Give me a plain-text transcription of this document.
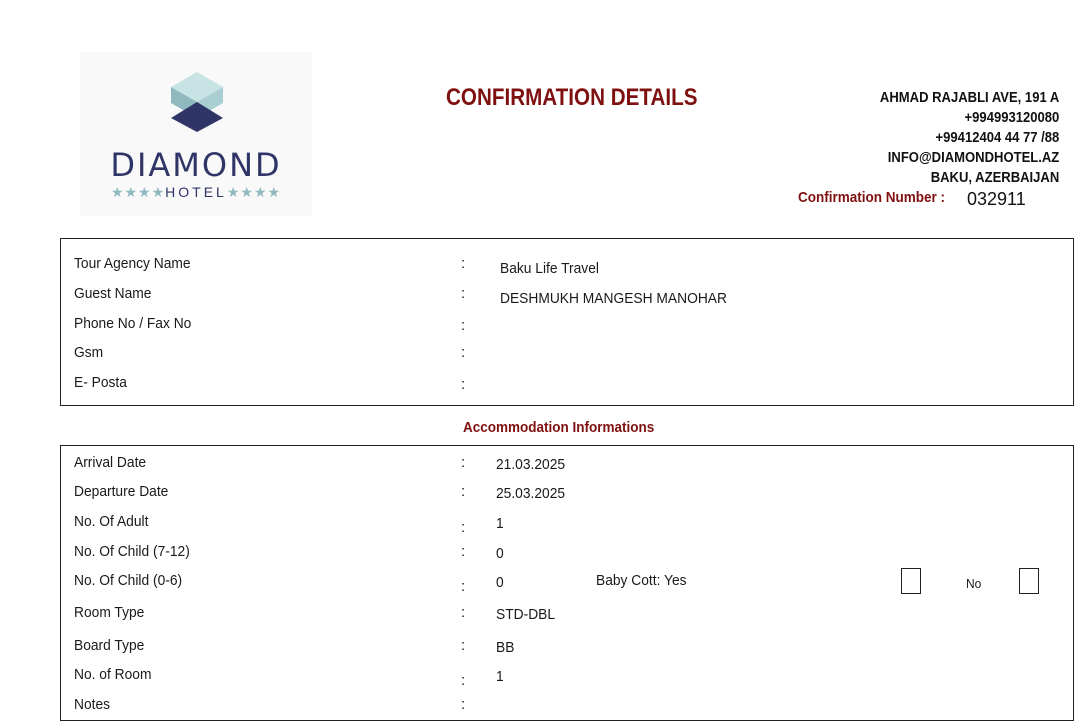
DIAMOND
★★★★HOTEL★★★★
CONFIRMATION DETAILS	AHMAD RAJABLI AVE, 191 A
+994993120080
+99412404 44 77 /88
INFO@DIAMONDHOTEL.AZ
BAKU, AZERBAIJAN
Confirmation Number : 032911
Tour Agency Name	: Baku Life Travel
Guest Name	: DESHMUKH MANGESH MANOHAR
Phone No / Fax No	:
Gsm	:
E- Posta	:
Accommodation Informations
Arrival Date	: 21.03.2025
Departure Date	: 25.03.2025
No. Of Adult	: 1
No. Of Child (7-12)	: 0
No. Of Child (0-6)	: 0	Baby Cott: Yes	No
Room Type	: STD-DBL
Board Type	: BB
No. of Room	: 1
Notes	:
